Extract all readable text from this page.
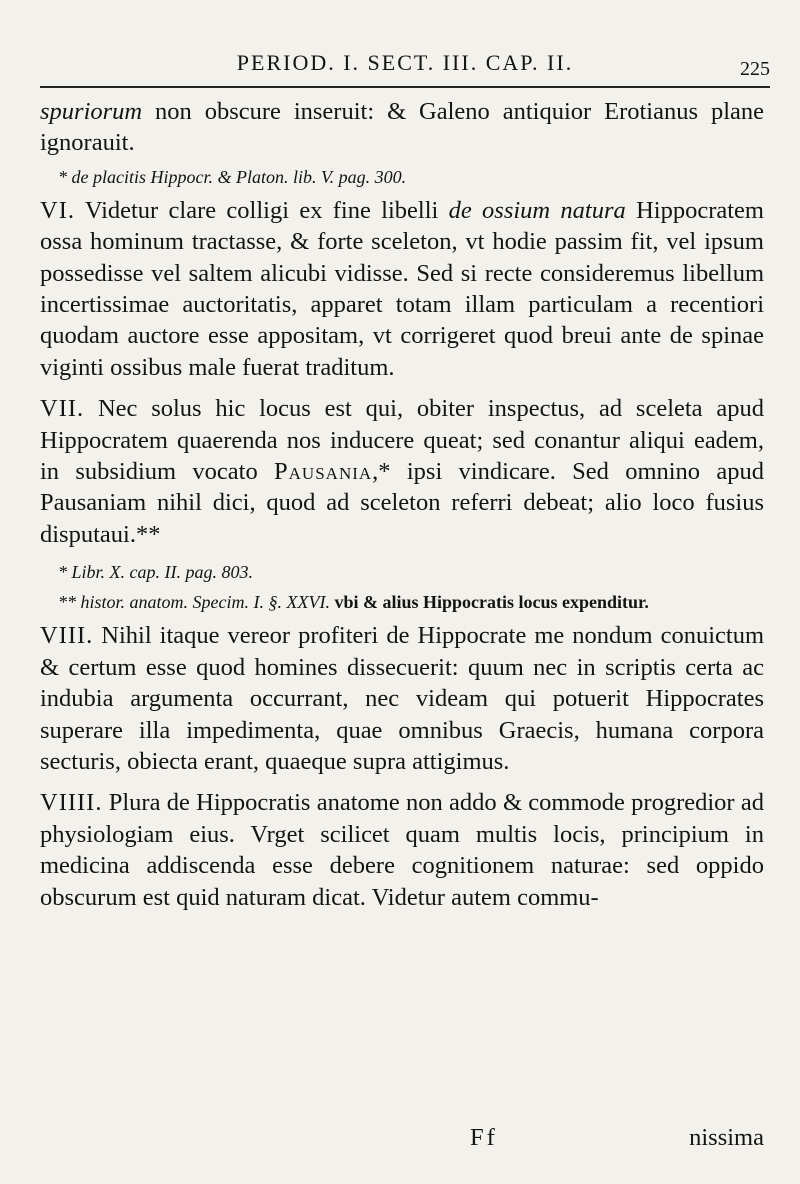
PERIOD. I. SECT. III. CAP. II.	225

spuriorum non obscure inseruit: & Galeno antiquior Erotianus plane ignorauit.

* de placitis Hippocr. & Platon. lib. V. pag. 300.

VI. Videtur clare colligi ex fine libelli de ossium natura Hippocratem ossa hominum tractasse, & forte sceleton, vt hodie passim fit, vel ipsum possedisse vel saltem alicubi vidisse. Sed si recte consideremus libellum incertissimae auctoritatis, apparet totam illam particulam a recentiori quodam auctore esse appositam, vt corrigeret quod breui ante de spinae viginti ossibus male fuerat traditum.

VII. Nec solus hic locus est qui, obiter inspectus, ad sceleta apud Hippocratem quaerenda nos inducere queat; sed conantur aliqui eadem, in subsidium vocato Pausania,* ipsi vindicare. Sed omnino apud Pausaniam nihil dici, quod ad sceleton referri debeat; alio loco fusius disputaui.**

* Libr. X. cap. II. pag. 803.

** histor. anatom. Specim. I. §. XXVI. vbi & alius Hippocratis locus expenditur.

VIII. Nihil itaque vereor profiteri de Hippocrate me nondum conuictum & certum esse quod homines dissecuerit: quum nec in scriptis certa ac indubia argumenta occurrant, nec videam qui potuerit Hippocrates superare illa impedimenta, quae omnibus Graecis, humana corpora secturis, obiecta erant, quaeque supra attigimus.

VIIII. Plura de Hippocratis anatome non addo & commode progredior ad physiologiam eius. Vrget scilicet quam multis locis, principium in medicina addiscenda esse debere cognitionem naturae: sed oppido obscurum est quid naturam dicat. Videtur autem commu-

Ff	nissima
